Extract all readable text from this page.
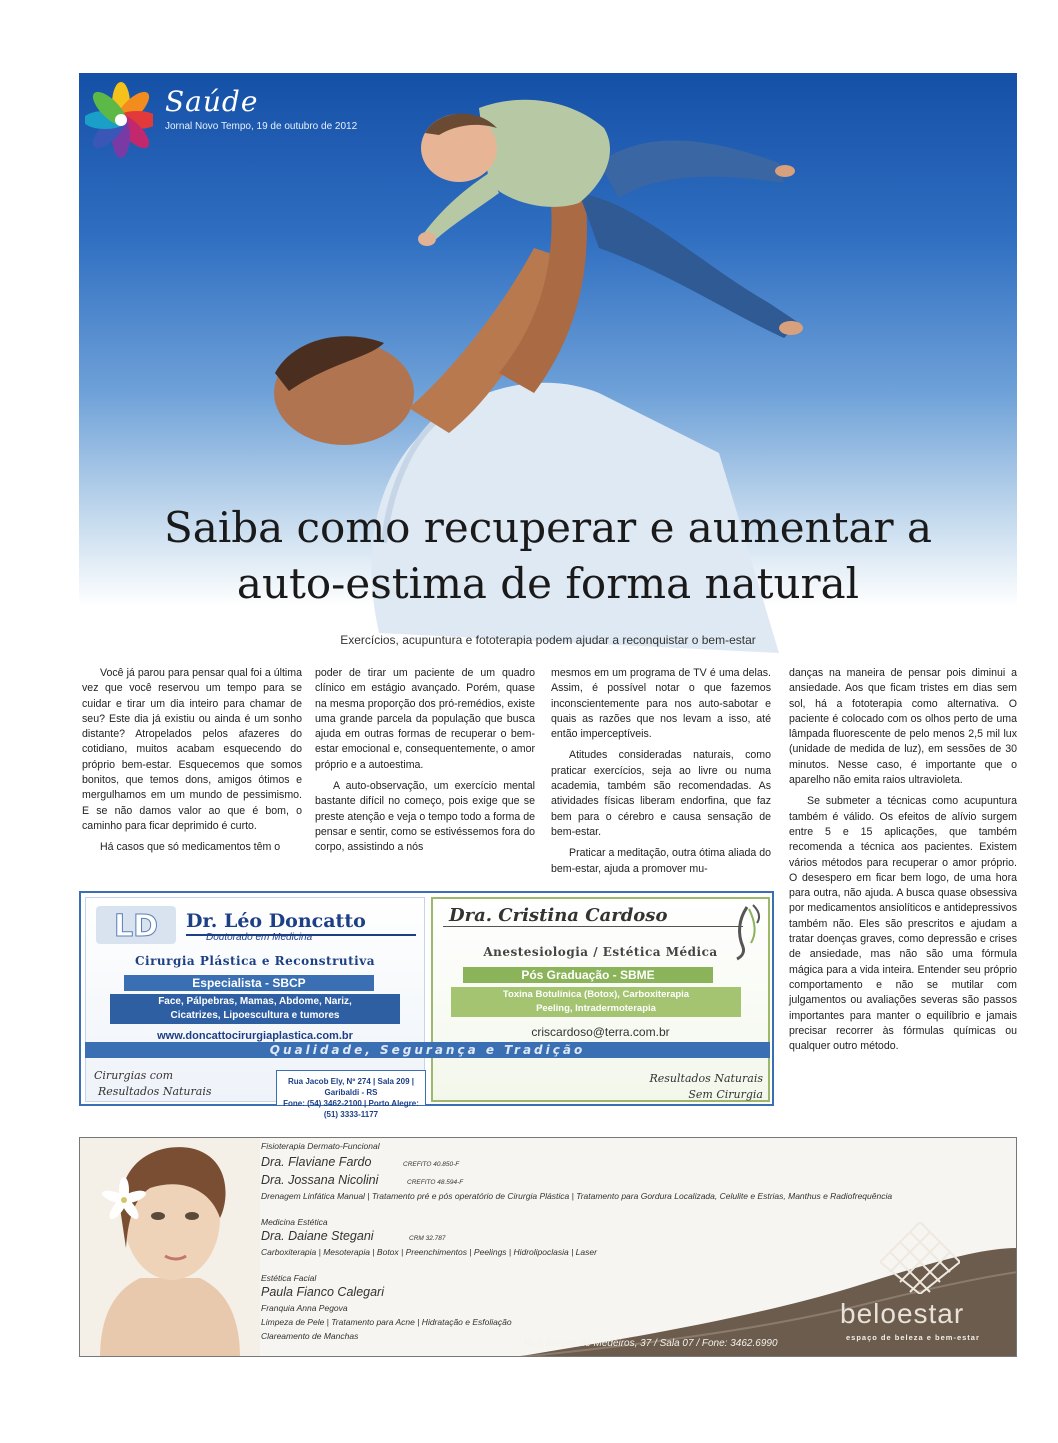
Saúde
Jornal Novo Tempo, 19 de outubro de 2012
Saiba como recuperar e aumentar a
auto-estima de forma natural
Exercícios, acupuntura e fototerapia podem ajudar a reconquistar o bem-estar

Você já parou para pensar qual foi a última vez que você reservou um tempo para se cuidar e tirar um dia inteiro para chamar de seu? Este dia já existiu ou ainda é um sonho distante? Atropelados pelos afazeres do cotidiano, muitos acabam esquecendo do próprio bem-estar. Esquecemos que somos bonitos, que temos dons, amigos ótimos e mergulhamos em um mundo de pessimismo. E se não damos valor ao que é bom, o caminho para ficar deprimido é curto.

Há casos que só medicamentos têm o

poder de tirar um paciente de um quadro clínico em estágio avançado. Porém, quase na mesma proporção dos pró-remédios, existe uma grande parcela da população que busca ajuda em outras formas de recuperar o bem-estar emocional e, consequentemente, o amor próprio e a autoestima.

A auto-observação, um exercício mental bastante difícil no começo, pois exige que se preste atenção e veja o tempo todo a forma de pensar e sentir, como se estivéssemos fora do corpo, assistindo a nós

mesmos em um programa de TV é uma delas. Assim, é possível notar o que fazemos inconscientemente para nos auto-sabotar e quais as razões que nos levam a isso, até então imperceptíveis.

Atitudes consideradas naturais, como praticar exercícios, seja ao livre ou numa academia, também são recomendadas. As atividades físicas liberam endorfina, que faz bem para o cérebro e causa sensação de bem-estar.

Praticar a meditação, outra ótima aliada do bem-estar, ajuda a promover mu-

danças na maneira de pensar pois diminui a ansiedade. Aos que ficam tristes em dias sem sol, há a fototerapia como alternativa. O paciente é colocado com os olhos perto de uma lâmpada fluorescente de pelo menos 2,5 mil lux (unidade de medida de luz), em sessões de 30 minutos. Nesse caso, é importante que o aparelho não emita raios ultravioleta.

Se submeter a técnicas como acupuntura também é válido. Os efeitos de alívio surgem entre 5 e 15 aplicações, que também recomenda a técnica aos pacientes. Existem vários métodos para recuperar o amor próprio. O desespero em ficar bem logo, de uma hora para outra, não ajuda. A busca quase obsessiva por medicamentos ansiolíticos e antidepressivos também não. Eles são prescritos e ajudam a tratar doenças graves, como depressão e crises de ansiedade, mas não são uma fórmula mágica para a vida inteira. Entender seu próprio comportamento e não se mutilar com julgamentos ou avaliações severas são passos importantes para manter o equilíbrio e jamais precisar recorrer às fórmulas químicas ou qualquer outro método.

LD Dr. Léo Doncatto
Doutorado em Medicina
Cirurgia Plástica e Reconstrutiva
Especialista - SBCP
Face, Pálpebras, Mamas, Abdome, Nariz,
Cicatrizes, Lipoescultura e tumores
www.doncattocirurgiaplastica.com.br
Cirurgias com
Resultados Naturais
Rua Jacob Ely, Nº 274 | Sala 209 | Garibaldi - RS
Fone: (54) 3462-2100 | Porto Alegre: (51) 3333-1177
Dra. Cristina Cardoso
Anestesiologia / Estética Médica
Pós Graduação - SBME
Toxina Botulínica (Botox), Carboxiterapia
Peeling, Intradermoterapia
criscardoso@terra.com.br
Resultados Naturais
Sem Cirurgia
Qualidade, Segurança e Tradição
Fisioterapia Dermato-Funcional
Dra. Flaviane Fardo	CREFITO 40.850-F
Dra. Jossana Nicolini	CREFITO 48.594-F
Drenagem Linfática Manual | Tratamento pré e pós operatório de Cirurgia Plástica | Tratamento para Gordura Localizada, Celulite e Estrias, Manthus e Radiofrequência
Medicina Estética
Dra. Daiane Stegani	CRM 32.787
Carboxiterapia | Mesoterapia | Botox | Preenchimentos | Peelings | Hidrolipoclasia | Laser
Estética Facial
Paula Fianco Calegari
Franquia Anna Pegova
Limpeza de Pele | Tratamento para Acne | Hidratação e Esfoliação
Clareamento de Manchas
Rua Borges de Medeiros, 37 / Sala 07 / Fone: 3462.6990
beloestar
espaço de beleza e bem-estar
